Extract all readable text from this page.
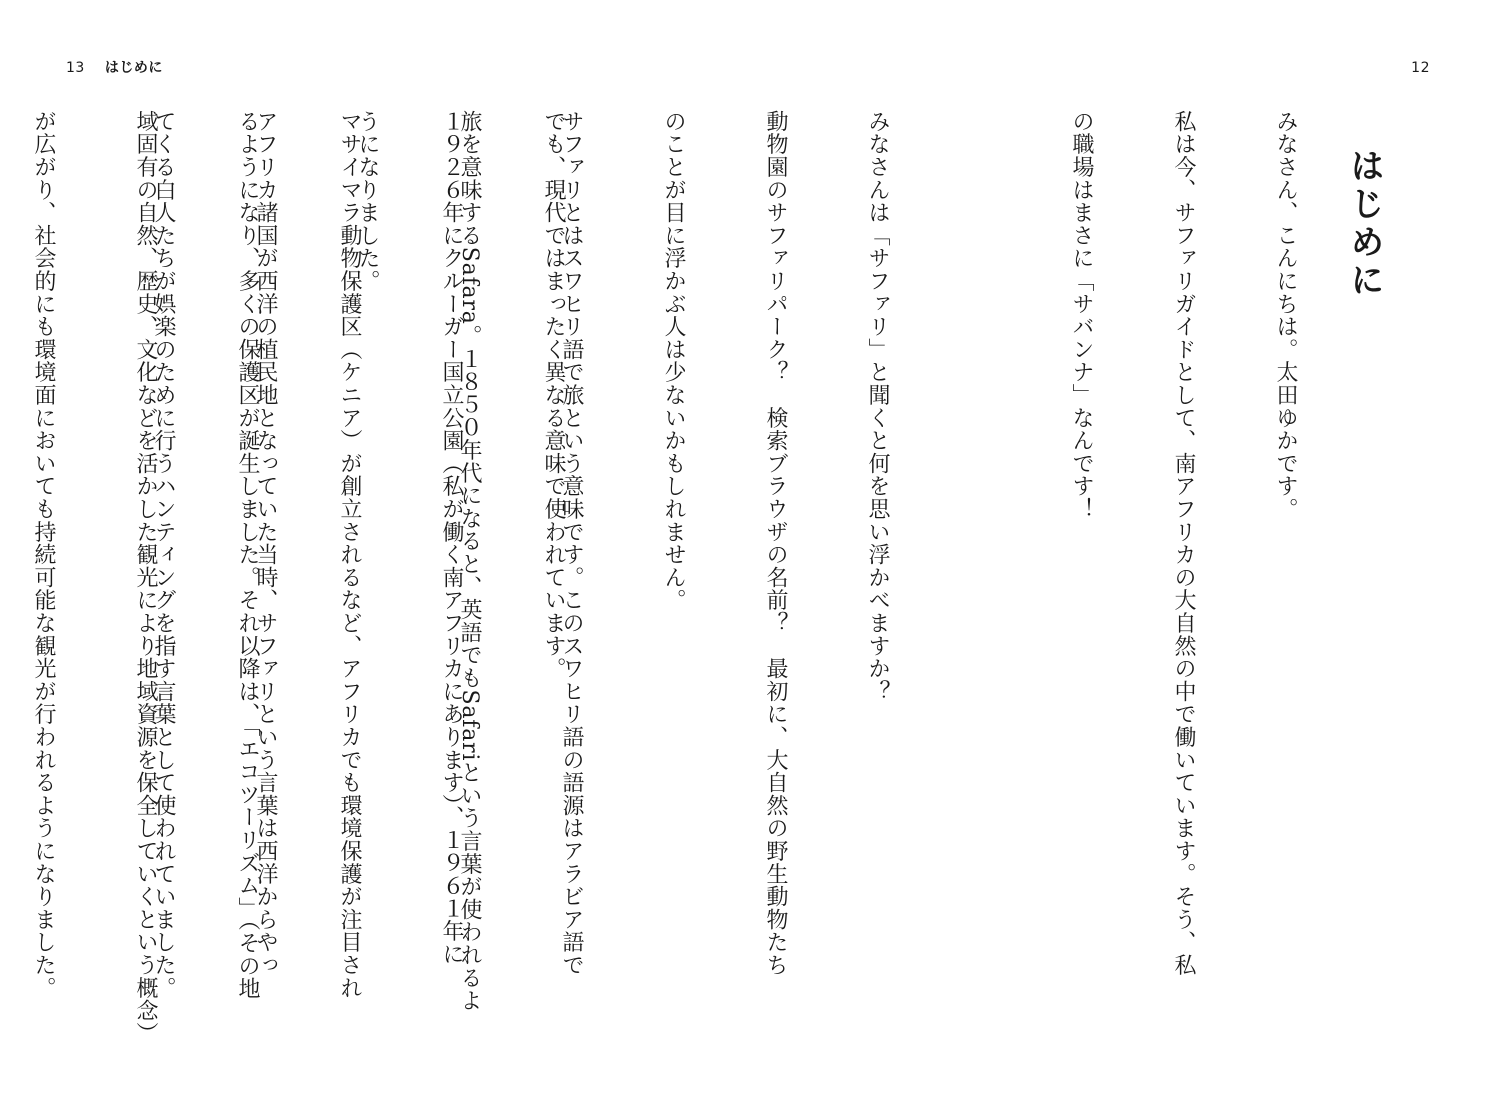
13 はじめに	12
はじめに

みなさん、こんにちは。太田ゆかです。

私は今、サファリガイドとして、南アフリカの大自然の中で働いています。そう、私

の職場はまさに「サバンナ」なんです！

みなさんは「サファリ」と聞くと何を思い浮かべますか？

動物園のサファリパーク？　検索ブラウザの名前？　最初に、大自然の野生動物たち

のことが目に浮かぶ人は少ないかもしれません。

サファリとはスワヒリ語で旅という意味です。このスワヒリ語の語源はアラビア語で

旅を意味するSafara。１８５０年代になると、英語でもSafariという言葉が使われるよ

うになりました。

アフリカ諸国が西洋の植民地となっていた当時、サファリという言葉は西洋からやっ

てくる白人たちが娯楽のために行うハンティングを指す言葉として使われていました。

	でも、現代ではまったく異なる意味で使われています。

１９２６年にクルーガー国立公園（私が働く南アフリカにあります）、１９６１年に

マサイマラ動物保護区（ケニア）が創立されるなど、アフリカでも環境保護が注目され

るようになり、多くの保護区が誕生しました。それ以降は、「エコツーリズム」（その地

域固有の自然、歴史、文化などを活かした観光により地域資源を保全していくという概念）

が広がり、社会的にも環境面においても持続可能な観光が行われるようになりました。
